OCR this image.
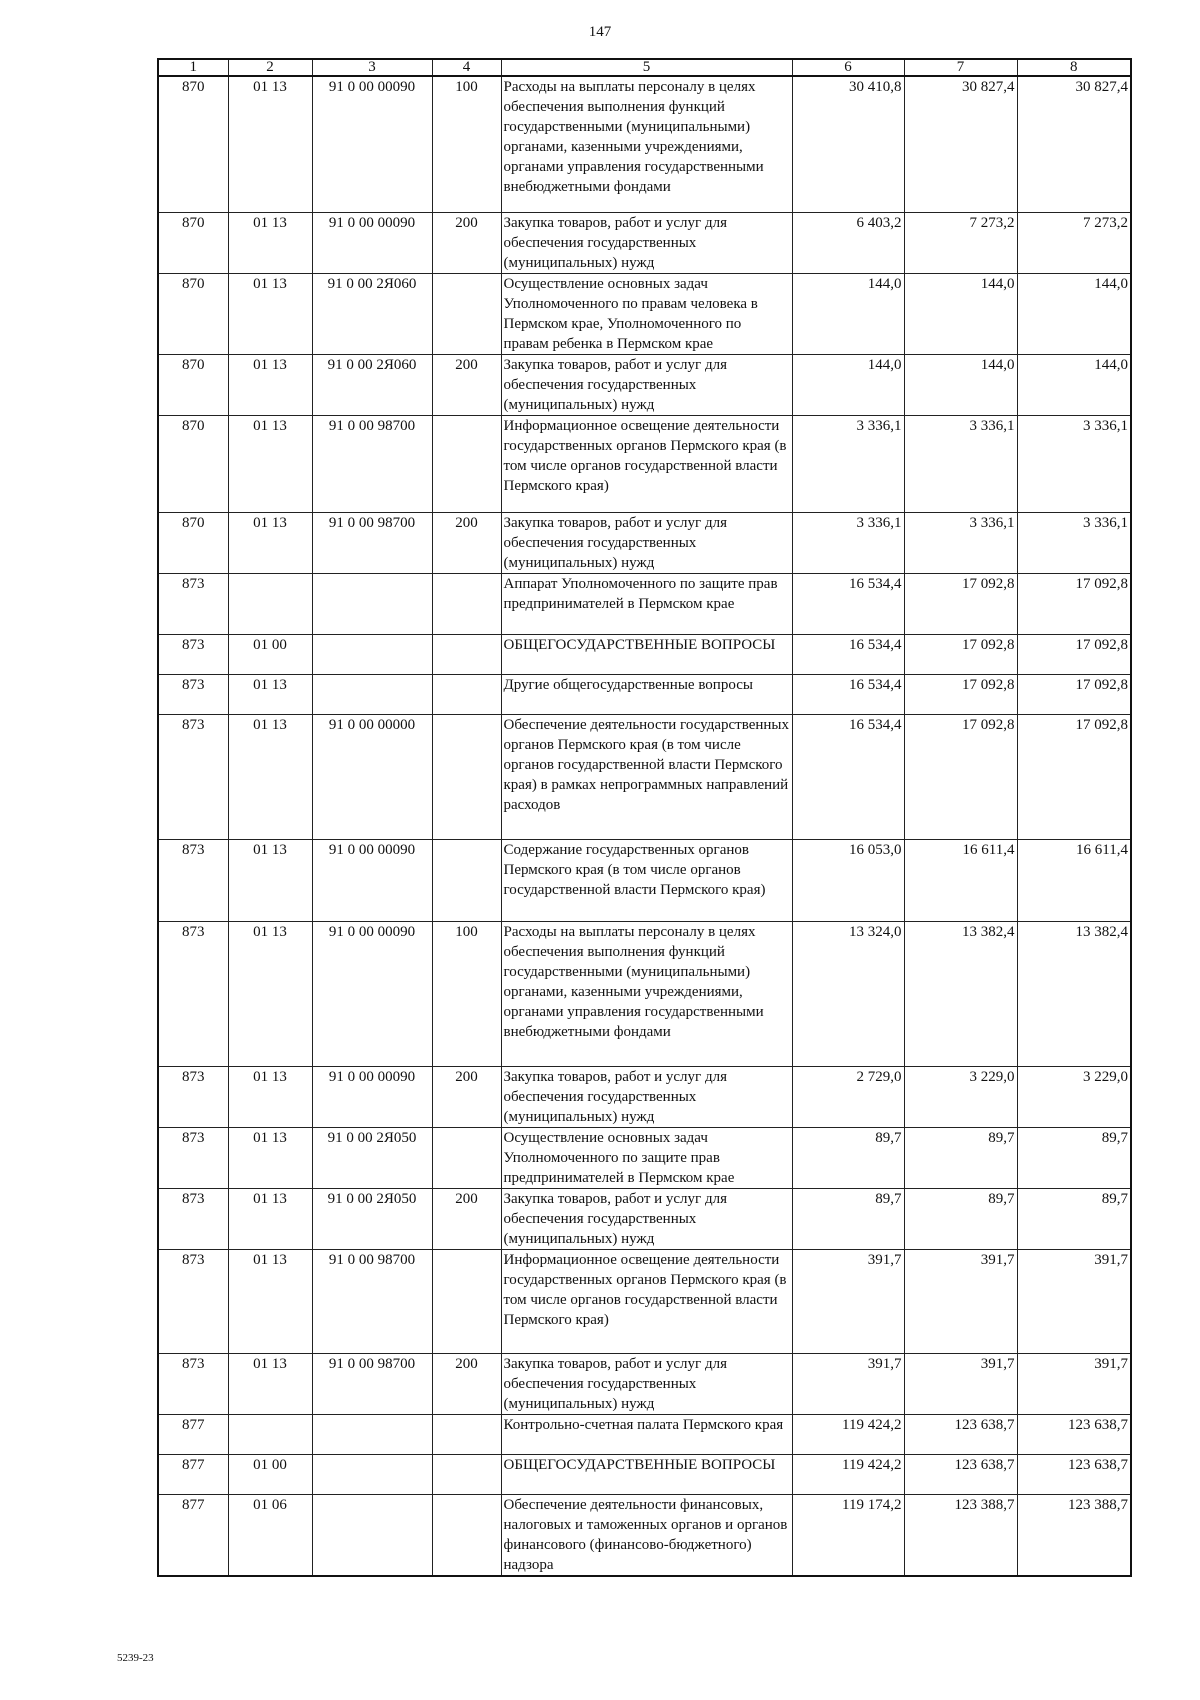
147
1	2	3	4	5	6	7	8
870	01 13	91 0 00 00090	100	Расходы на выплаты персоналу в целях обеспечения выполнения функций государственными (муниципальными) органами, казенными учреждениями, органами управления государственными внебюджетными фондами	30 410,8	30 827,4	30 827,4
870	01 13	91 0 00 00090	200	Закупка товаров, работ и услуг для обеспечения государственных (муниципальных) нужд	6 403,2	7 273,2	7 273,2
870	01 13	91 0 00 2Я060		Осуществление основных задач Уполномоченного по правам человека в Пермском крае, Уполномоченного по правам ребенка в Пермском крае	144,0	144,0	144,0
870	01 13	91 0 00 2Я060	200	Закупка товаров, работ и услуг для обеспечения государственных (муниципальных) нужд	144,0	144,0	144,0
870	01 13	91 0 00 98700		Информационное освещение деятельности государственных органов Пермского края (в том числе органов государственной власти Пермского края)	3 336,1	3 336,1	3 336,1
870	01 13	91 0 00 98700	200	Закупка товаров, работ и услуг для обеспечения государственных (муниципальных) нужд	3 336,1	3 336,1	3 336,1
873				Аппарат Уполномоченного по защите прав предпринимателей в Пермском крае	16 534,4	17 092,8	17 092,8
873	01 00			ОБЩЕГОСУДАРСТВЕННЫЕ ВОПРОСЫ	16 534,4	17 092,8	17 092,8
873	01 13			Другие общегосударственные вопросы	16 534,4	17 092,8	17 092,8
873	01 13	91 0 00 00000		Обеспечение деятельности государственных органов Пермского края (в том числе органов государственной власти Пермского края) в рамках непрограммных направлений расходов	16 534,4	17 092,8	17 092,8
873	01 13	91 0 00 00090		Содержание государственных органов Пермского края (в том числе органов государственной власти Пермского края)	16 053,0	16 611,4	16 611,4
873	01 13	91 0 00 00090	100	Расходы на выплаты персоналу в целях обеспечения выполнения функций государственными (муниципальными) органами, казенными учреждениями, органами управления государственными внебюджетными фондами	13 324,0	13 382,4	13 382,4
873	01 13	91 0 00 00090	200	Закупка товаров, работ и услуг для обеспечения государственных (муниципальных) нужд	2 729,0	3 229,0	3 229,0
873	01 13	91 0 00 2Я050		Осуществление основных задач Уполномоченного по защите прав предпринимателей в Пермском крае	89,7	89,7	89,7
873	01 13	91 0 00 2Я050	200	Закупка товаров, работ и услуг для обеспечения государственных (муниципальных) нужд	89,7	89,7	89,7
873	01 13	91 0 00 98700		Информационное освещение деятельности государственных органов Пермского края (в том числе органов государственной власти Пермского края)	391,7	391,7	391,7
873	01 13	91 0 00 98700	200	Закупка товаров, работ и услуг для обеспечения государственных (муниципальных) нужд	391,7	391,7	391,7
877				Контрольно-счетная палата Пермского края	119 424,2	123 638,7	123 638,7
877	01 00			ОБЩЕГОСУДАРСТВЕННЫЕ ВОПРОСЫ	119 424,2	123 638,7	123 638,7
877	01 06			Обеспечение деятельности финансовых, налоговых и таможенных органов и органов финансового (финансово-бюджетного) надзора	119 174,2	123 388,7	123 388,7
5239-23
